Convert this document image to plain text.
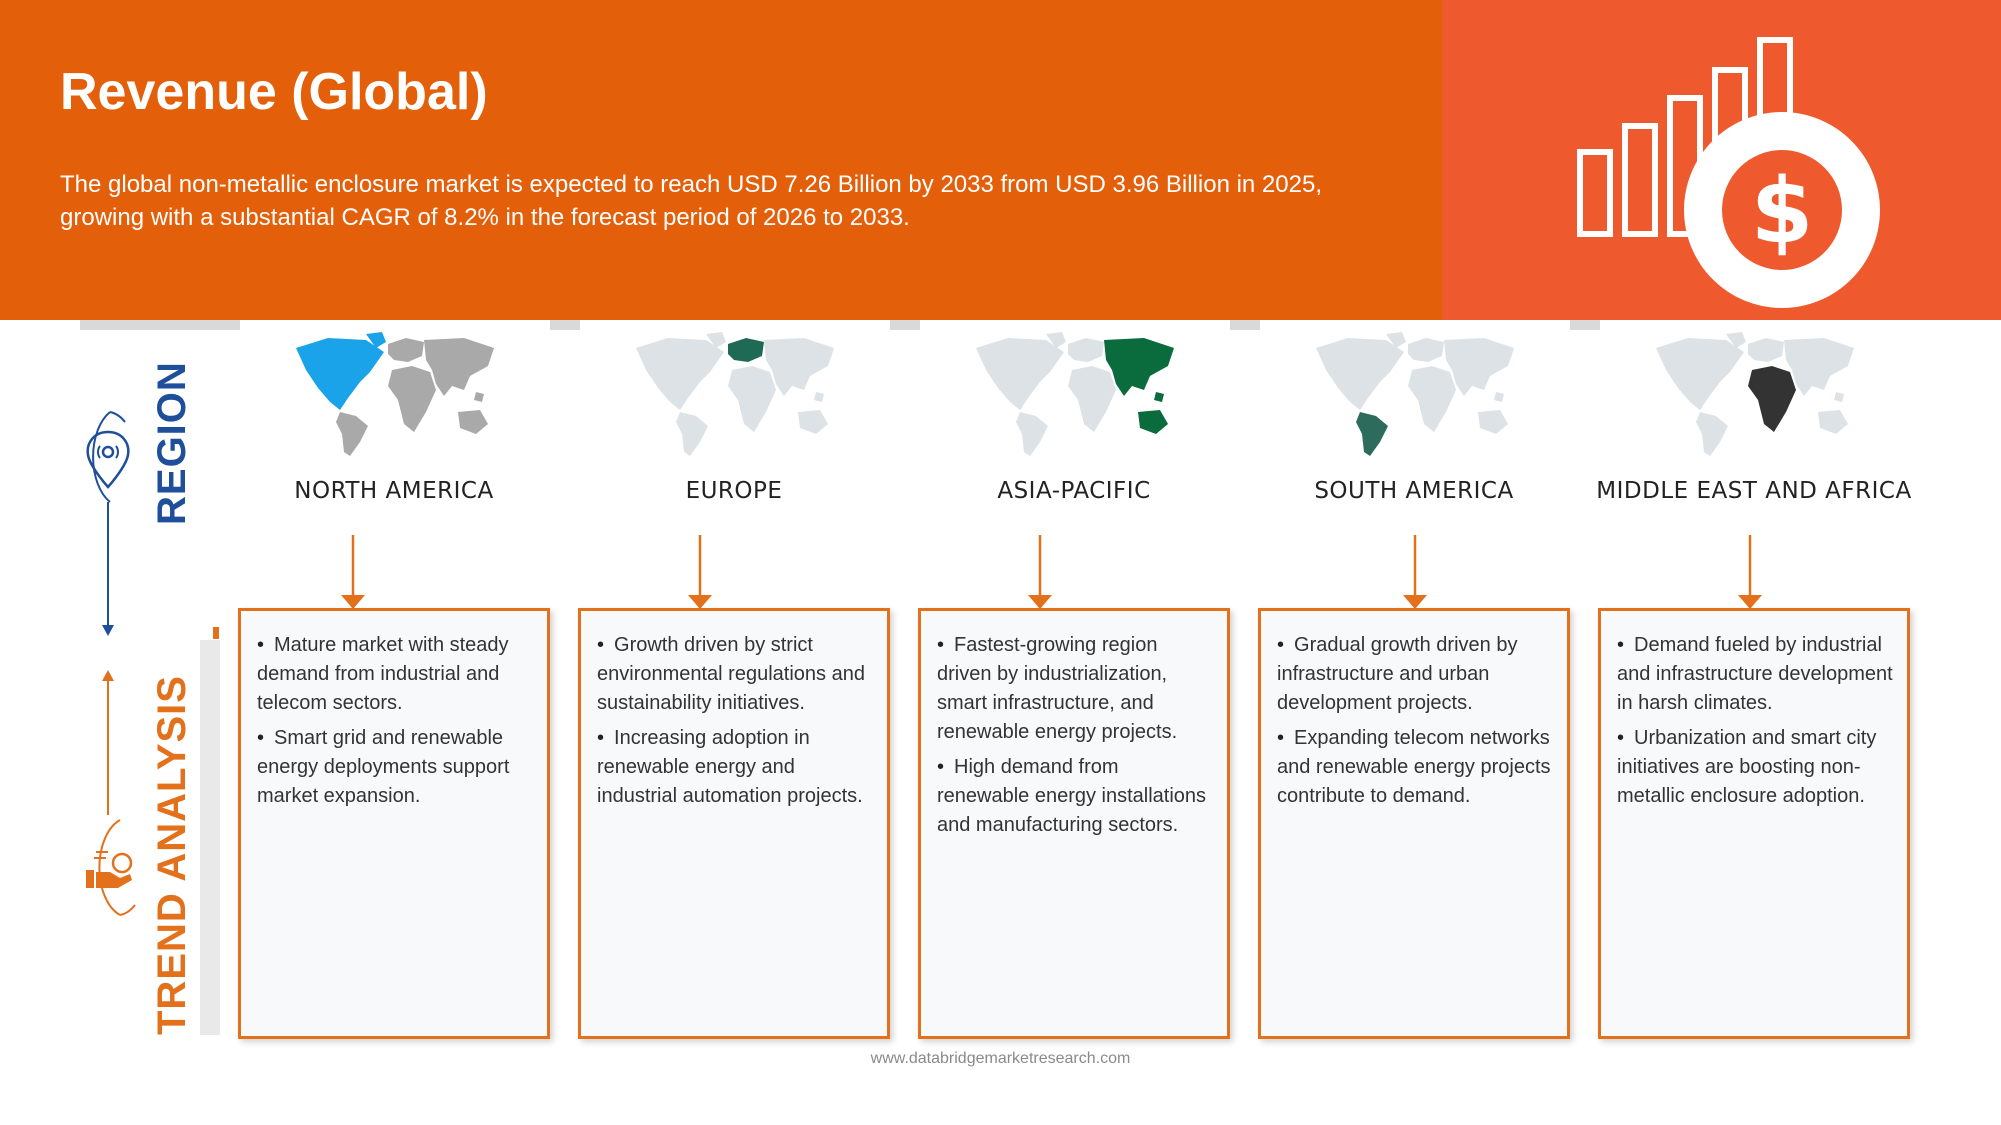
Revenue (Global)

The global non-metallic enclosure market is expected to reach USD 7.26 Billion by 2033 from USD 3.96 Billion in 2025, growing with a substantial CAGR of 8.2% in the forecast period of 2026 to 2033.	$
REGION
TREND ANALYSIS
NORTH AMERICA
• Mature market with steady demand from industrial and telecom sectors.
• Smart grid and renewable energy deployments support market expansion.
EUROPE
• Growth driven by strict environmental regulations and sustainability initiatives.
• Increasing adoption in renewable energy and industrial automation projects.
ASIA-PACIFIC
• Fastest-growing region driven by industrialization, smart infrastructure, and renewable energy projects.
• High demand from renewable energy installations and manufacturing sectors.
SOUTH AMERICA
• Gradual growth driven by infrastructure and urban development projects.
• Expanding telecom networks and renewable energy projects contribute to demand.
MIDDLE EAST AND AFRICA
• Demand fueled by industrial and infrastructure development in harsh climates.
• Urbanization and smart city initiatives are boosting non-metallic enclosure adoption.
www.databridgemarketresearch.com
